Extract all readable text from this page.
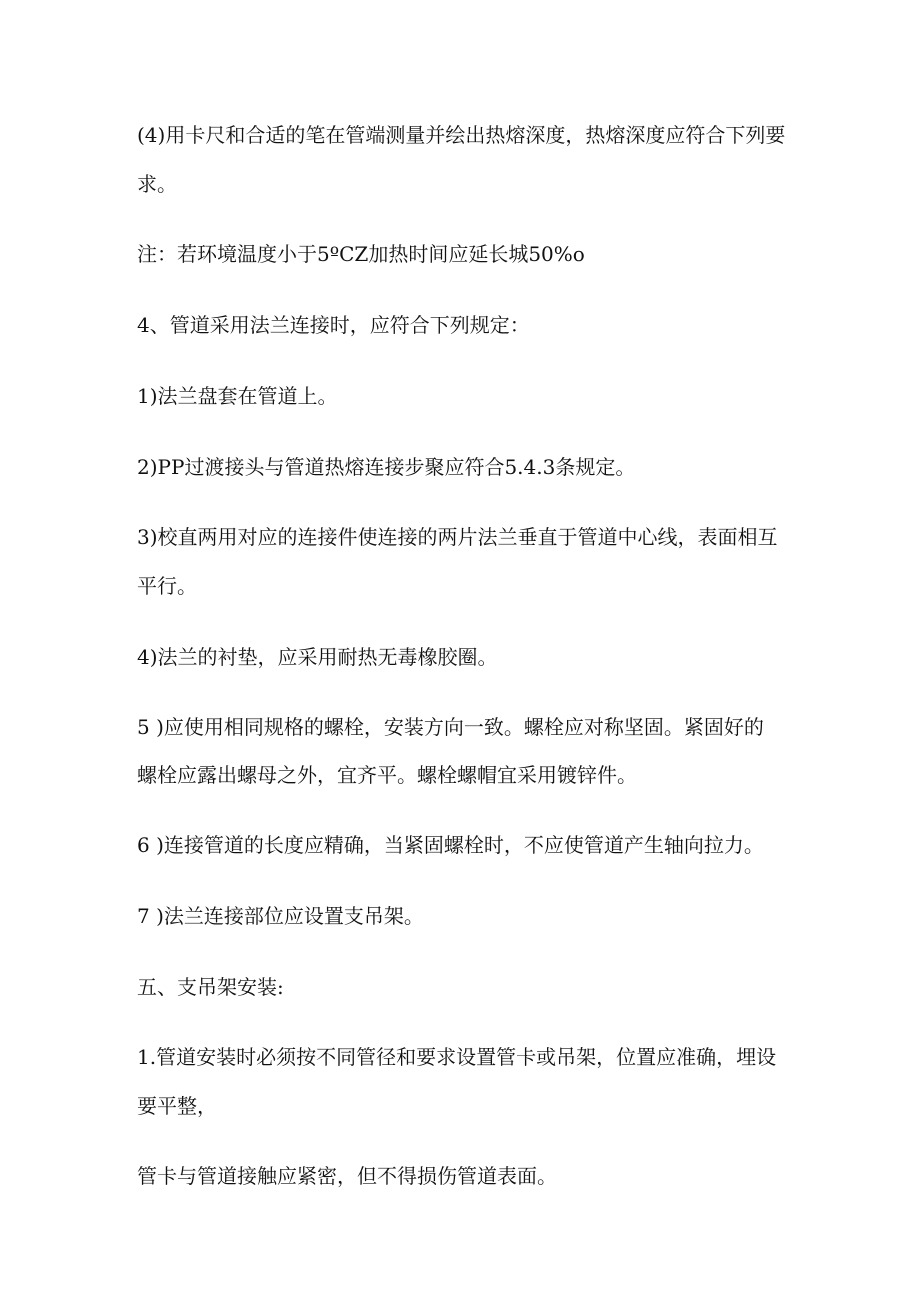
(4)用卡尺和合适的笔在管端测量并绘出热熔深度，热熔深度应符合下列要
求。
注：若环境温度小于5ºCZ加热时间应延长城50%o
4、管道采用法兰连接时，应符合下列规定：
1)法兰盘套在管道上。
2)PP过渡接头与管道热熔连接步聚应符合5.4.3条规定。
3)校直两用对应的连接件使连接的两片法兰垂直于管道中心线，表面相互
平行。
4)法兰的衬垫，应采用耐热无毒橡胶圈。
5 )应使用相同规格的螺栓，安装方向一致。螺栓应对称坚固。紧固好的
螺栓应露出螺母之外，宜齐平。螺栓螺帽宜采用镀锌件。
6 )连接管道的长度应精确，当紧固螺栓时，不应使管道产生轴向拉力。
7 )法兰连接部位应设置支吊架。
五、支吊架安装:
1.管道安装时必须按不同管径和要求设置管卡或吊架，位置应准确，埋设
要平整，
管卡与管道接触应紧密，但不得损伤管道表面。
